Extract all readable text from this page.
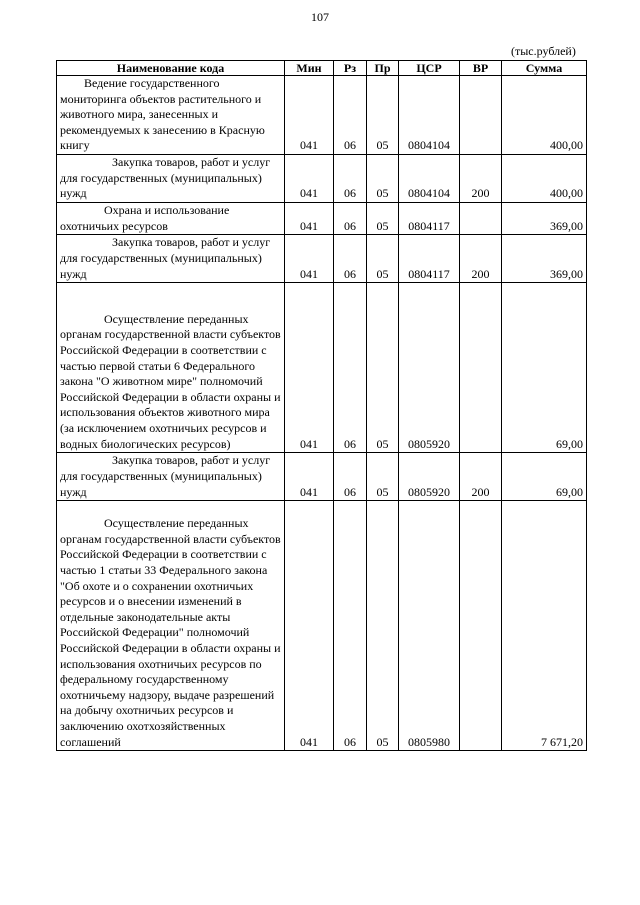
107
(тыс.рублей)
Наименование кода	Мин	Рз	Пр	ЦСР	ВР	Сумма
Ведение государственного мониторинга объектов растительного и животного мира, занесенных и рекомендуемых к занесению в Красную книгу	041	06	05	0804104		400,00
Закупка товаров, работ и услуг для государственных (муниципальных) нужд	041	06	05	0804104	200	400,00
Охрана и использование охотничьих ресурсов	041	06	05	0804117		369,00
Закупка товаров, работ и услуг для государственных (муниципальных) нужд	041	06	05	0804117	200	369,00
Осуществление переданных органам государственной власти субъектов Российской Федерации в соответствии с частью первой статьи 6 Федерального закона "О животном мире" полномочий Российской Федерации в области охраны и использования объектов животного мира (за исключением охотничьих ресурсов и водных биологических ресурсов)	041	06	05	0805920		69,00
Закупка товаров, работ и услуг для государственных (муниципальных) нужд	041	06	05	0805920	200	69,00
Осуществление переданных органам государственной власти субъектов Российской Федерации в соответствии с частью 1 статьи 33 Федерального закона "Об охоте и о сохранении охотничьих ресурсов и о внесении изменений в отдельные законодательные акты Российской Федерации" полномочий Российской Федерации в области охраны и использования охотничьих ресурсов по федеральному государственному охотничьему надзору, выдаче разрешений на добычу охотничьих ресурсов и заключению охотхозяйственных соглашений	041	06	05	0805980		7 671,20
